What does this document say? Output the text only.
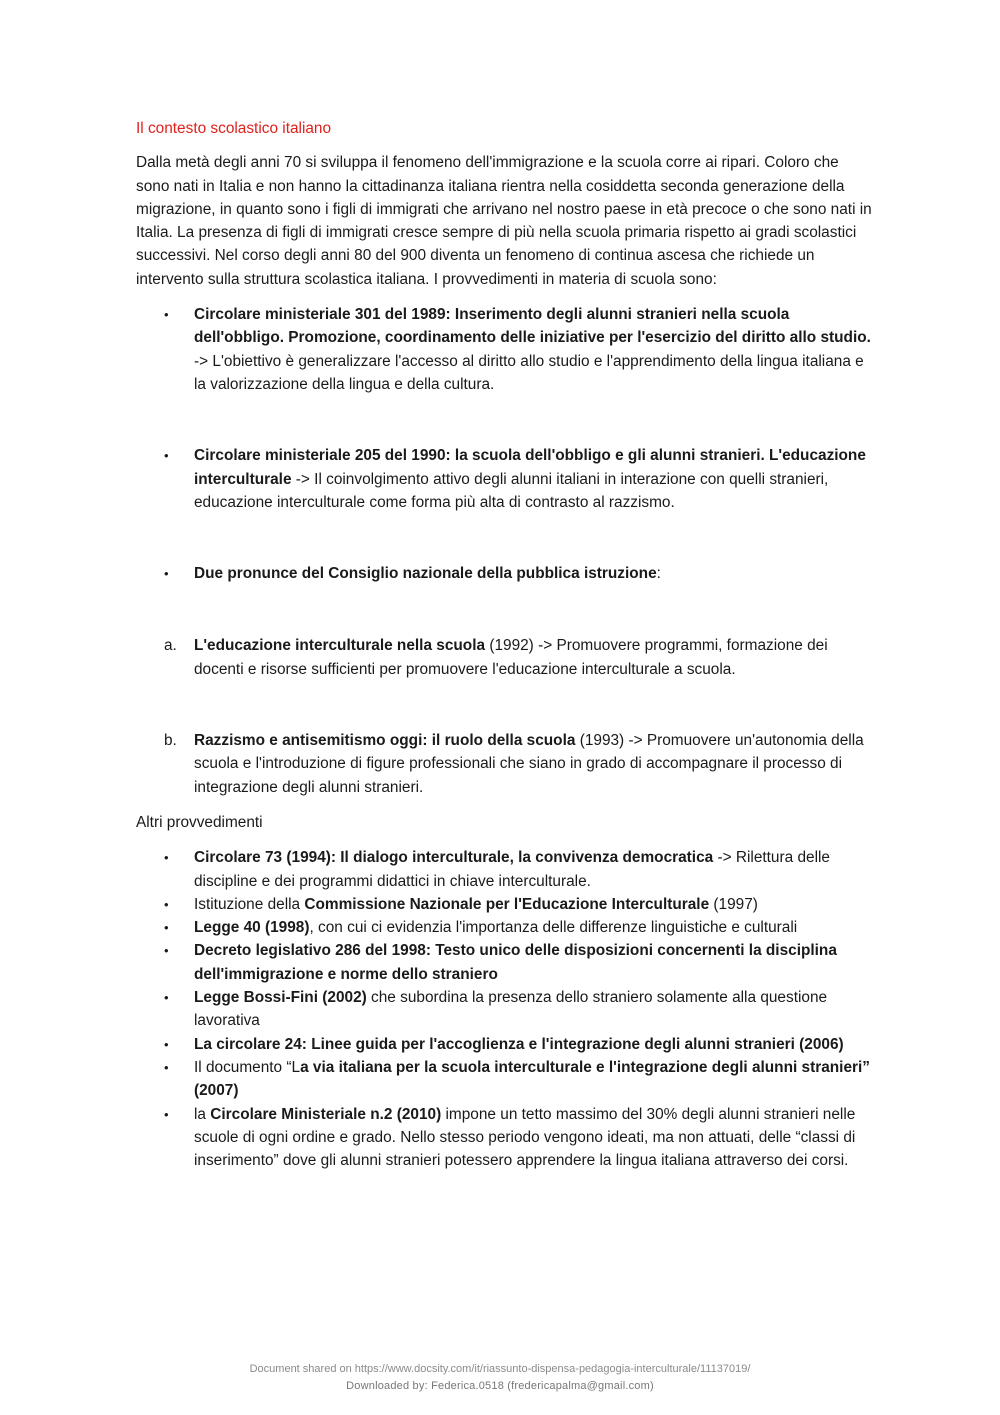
Il contesto scolastico italiano

Dalla metà degli anni 70 si sviluppa il fenomeno dell'immigrazione e la scuola corre ai ripari. Coloro che sono nati in Italia e non hanno la cittadinanza italiana rientra nella cosiddetta seconda generazione della migrazione, in quanto sono i figli di immigrati che arrivano nel nostro paese in età precoce o che sono nati in Italia. La presenza di figli di immigrati cresce sempre di più nella scuola primaria rispetto ai gradi scolastici successivi. Nel corso degli anni 80 del 900 diventa un fenomeno di continua ascesa che richiede un intervento sulla struttura scolastica italiana. I provvedimenti in materia di scuola sono:

• Circolare ministeriale 301 del 1989: Inserimento degli alunni stranieri nella scuola dell'obbligo. Promozione, coordinamento delle iniziative per l'esercizio del diritto allo studio. -> L'obiettivo è generalizzare l'accesso al diritto allo studio e l'apprendimento della lingua italiana e la valorizzazione della lingua e della cultura.
• Circolare ministeriale 205 del 1990: la scuola dell'obbligo e gli alunni stranieri. L'educazione interculturale -> Il coinvolgimento attivo degli alunni italiani in interazione con quelli stranieri, educazione interculturale come forma più alta di contrasto al razzismo.
• Due pronunce del Consiglio nazionale della pubblica istruzione:
a. L'educazione interculturale nella scuola (1992) -> Promuovere programmi, formazione dei docenti e risorse sufficienti per promuovere l'educazione interculturale a scuola.
b. Razzismo e antisemitismo oggi: il ruolo della scuola (1993) -> Promuovere un'autonomia della scuola e l'introduzione di figure professionali che siano in grado di accompagnare il processo di integrazione degli alunni stranieri.

Altri provvedimenti

• Circolare 73 (1994): Il dialogo interculturale, la convivenza democratica -> Rilettura delle discipline e dei programmi didattici in chiave interculturale.
• Istituzione della Commissione Nazionale per l'Educazione Interculturale (1997)
• Legge 40 (1998), con cui ci evidenzia l'importanza delle differenze linguistiche e culturali
• Decreto legislativo 286 del 1998: Testo unico delle disposizioni concernenti la disciplina dell'immigrazione e norme dello straniero
• Legge Bossi-Fini (2002) che subordina la presenza dello straniero solamente alla questione lavorativa
• La circolare 24: Linee guida per l'accoglienza e l'integrazione degli alunni stranieri (2006)
• Il documento “La via italiana per la scuola interculturale e l'integrazione degli alunni stranieri” (2007)
• la Circolare Ministeriale n.2 (2010) impone un tetto massimo del 30% degli alunni stranieri nelle scuole di ogni ordine e grado. Nello stesso periodo vengono ideati, ma non attuati, delle “classi di inserimento” dove gli alunni stranieri potessero apprendere la lingua italiana attraverso dei corsi.
Document shared on https://www.docsity.com/it/riassunto-dispensa-pedagogia-interculturale/11137019/
Downloaded by: Federica.0518 (fredericapalma@gmail.com)
